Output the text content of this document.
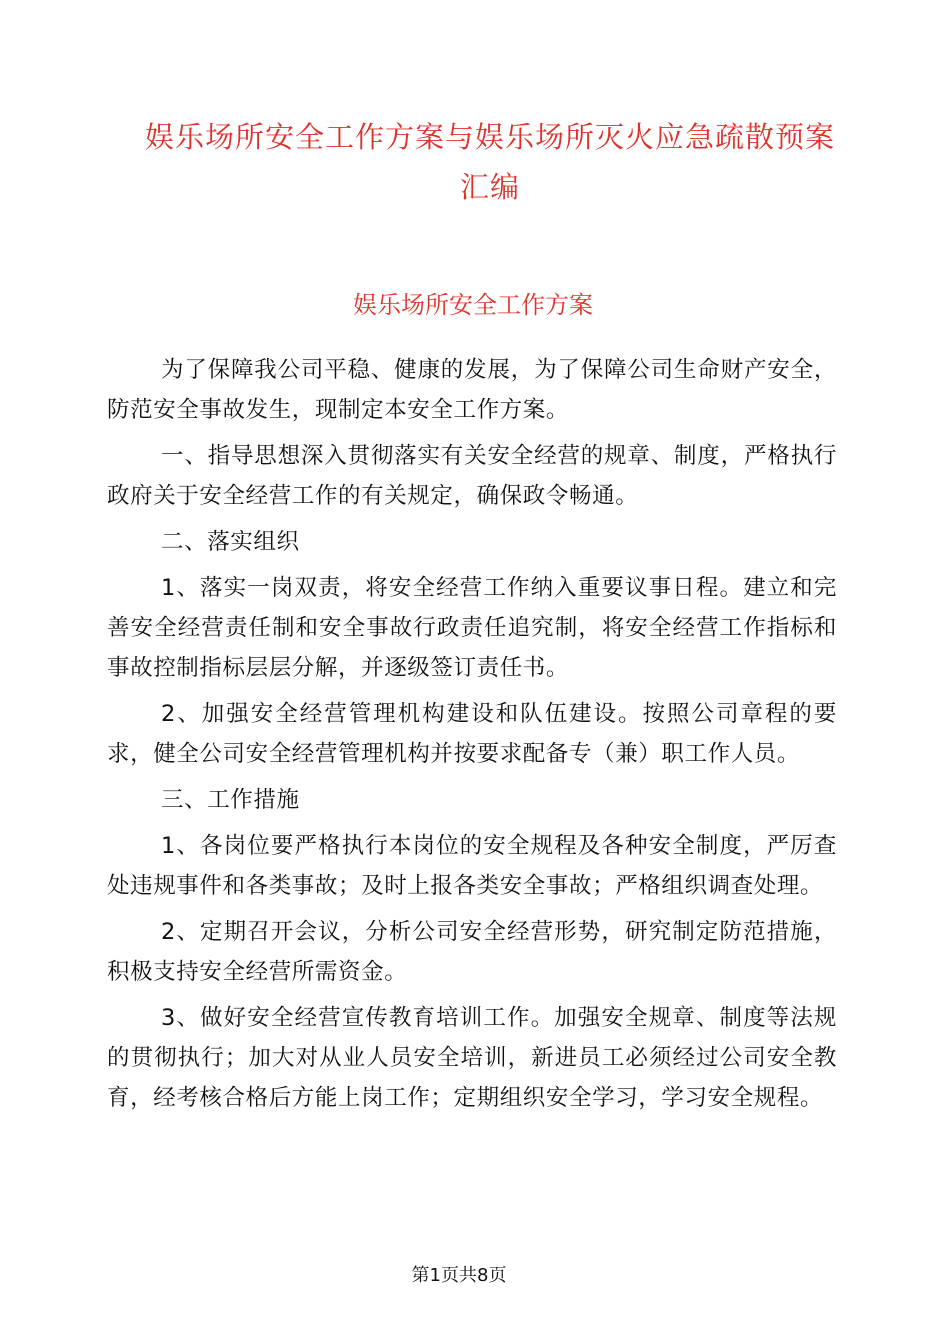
娱乐场所安全工作方案与娱乐场所灭火应急疏散预案
汇编
娱乐场所安全工作方案

为了保障我公司平稳、健康的发展，为了保障公司生命财产安全，防范安全事故发生，现制定本安全工作方案。

一、指导思想深入贯彻落实有关安全经营的规章、制度，严格执行政府关于安全经营工作的有关规定，确保政令畅通。

二、落实组织

1、落实一岗双责，将安全经营工作纳入重要议事日程。建立和完善安全经营责任制和安全事故行政责任追究制，将安全经营工作指标和事故控制指标层层分解，并逐级签订责任书。

2、加强安全经营管理机构建设和队伍建设。按照公司章程的要求，健全公司安全经营管理机构并按要求配备专（兼）职工作人员。

三、工作措施

1、各岗位要严格执行本岗位的安全规程及各种安全制度，严厉查处违规事件和各类事故；及时上报各类安全事故；严格组织调查处理。

2、定期召开会议，分析公司安全经营形势，研究制定防范措施，积极支持安全经营所需资金。

3、做好安全经营宣传教育培训工作。加强安全规章、制度等法规的贯彻执行；加大对从业人员安全培训，新进员工必须经过公司安全教育，经考核合格后方能上岗工作；定期组织安全学习，学习安全规程。

第1页共8页
